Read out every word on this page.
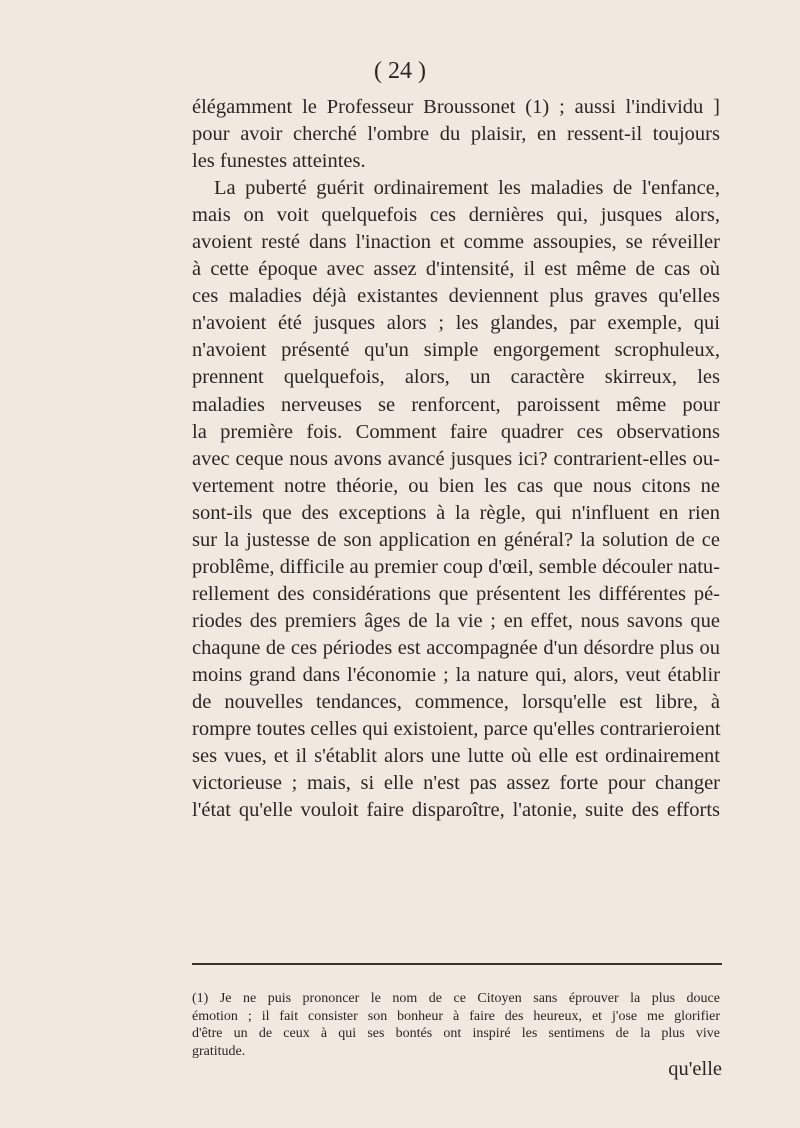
( 24 )
élégamment le Professeur Broussonet (1) ; aussi l'individu ]
pour avoir cherché l'ombre du plaisir, en ressent-il toujours
les funestes atteintes.
La puberté guérit ordinairement les maladies de l'enfance,
mais on voit quelquefois ces dernières qui, jusques alors,
avoient resté dans l'inaction et comme assoupies, se réveiller
à cette époque avec assez d'intensité, il est même de cas où
ces maladies déjà existantes deviennent plus graves qu'elles
n'avoient été jusques alors ; les glandes, par exemple, qui
n'avoient présenté qu'un simple engorgement scrophuleux,
prennent quelquefois, alors, un caractère skirreux, les
maladies nerveuses se renforcent, paroissent même pour
la première fois. Comment faire quadrer ces observations
avec ceque nous avons avancé jusques ici? contrarient-elles ou-
vertement notre théorie, ou bien les cas que nous citons ne
sont-ils que des exceptions à la règle, qui n'influent en rien
sur la justesse de son application en général? la solution de ce
problême, difficile au premier coup d'œil, semble découler natu-
rellement des considérations que présentent les différentes pé-
riodes des premiers âges de la vie ; en effet, nous savons que
chaqune de ces périodes est accompagnée d'un désordre plus ou
moins grand dans l'économie ; la nature qui, alors, veut établir
de nouvelles tendances, commence, lorsqu'elle est libre, à
rompre toutes celles qui existoient, parce qu'elles contrarieroient
ses vues, et il s'établit alors une lutte où elle est ordinairement
victorieuse ; mais, si elle n'est pas assez forte pour changer
l'état qu'elle vouloit faire disparoître, l'atonie, suite des efforts
(1) Je ne puis prononcer le nom de ce Citoyen sans éprouver la plus douce
émotion ; il fait consister son bonheur à faire des heureux, et j'ose me glorifier
d'être un de ceux à qui ses bontés ont inspiré les sentimens de la plus vive
gratitude.
qu'elle
